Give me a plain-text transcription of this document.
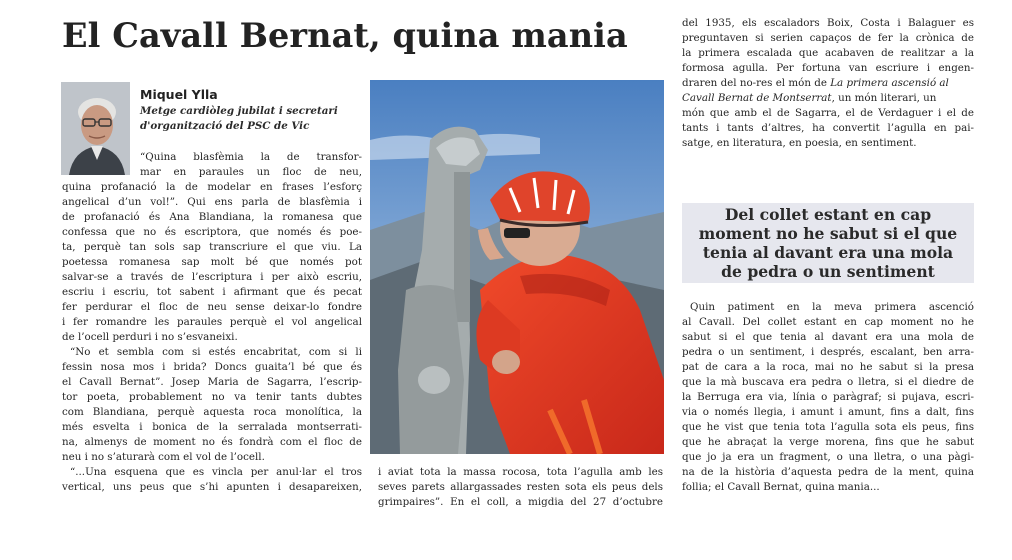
El Cavall Bernat, quina mania
Miquel Ylla
Metge cardiòleg jubilat i secretari
d'organització del PSC de Vic
“Quina blasfèmia la de transfor-
mar en paraules un floc de neu,
quina profanació la de modelar en frases l’esforç
angelical d’un vol!”. Qui ens parla de blasfèmia i
de profanació és Ana Blandiana, la romanesa que
confessa que no és escriptora, que només és poe-
ta, perquè tan sols sap transcriure el que viu. La
poetessa romanesa sap molt bé que només pot
salvar-se a través de l’escriptura i per això escriu,
escriu i escriu, tot sabent i afirmant que és pecat
fer perdurar el floc de neu sense deixar-lo fondre
i fer romandre les paraules perquè el vol angelical
de l’ocell perduri i no s’esvaneixi.
“No et sembla com si estés encabritat, com si li
fessin nosa mos i brida? Doncs guaita’l bé que és
el Cavall Bernat”. Josep Maria de Sagarra, l’escrip-
tor poeta, probablement no va tenir tants dubtes
com Blandiana, perquè aquesta roca monolítica, la
més esvelta i bonica de la serralada montserrati-
na, almenys de moment no és fondrà com el floc de
neu i no s’aturarà com el vol de l’ocell.
“...Una esquena que es vincla per anul·lar el tros
vertical, uns peus que s’hi apunten i desapareixen,
i aviat tota la massa rocosa, tota l’agulla amb les
seves parets allargassades resten sota els peus dels
grimpaires”. En el coll, a migdia del 27 d’octubre
del 1935, els escaladors Boix, Costa i Balaguer es
preguntaven si serien capaços de fer la crònica de
la primera escalada que acabaven de realitzar a la
formosa agulla. Per fortuna van escriure i engen-
draren del no-res el món de La primera ascensió al
Cavall Bernat de Montserrat, un món literari, un
món que amb el de Sagarra, el de Verdaguer i el de
tants i tants d’altres, ha convertit l’agulla en pai-
satge, en literatura, en poesia, en sentiment.
Del collet estant en cap
moment no he sabut si el que
tenia al davant era una mola
de pedra o un sentiment
Quin patiment en la meva primera ascenció
al Cavall. Del collet estant en cap moment no he
sabut si el que tenia al davant era una mola de
pedra o un sentiment, i després, escalant, ben arra-
pat de cara a la roca, mai no he sabut si la presa
que la mà buscava era pedra o lletra, si el diedre de
la Berruga era via, línia o paràgraf; si pujava, escri-
via o només llegia, i amunt i amunt, fins a dalt, fins
que he vist que tenia tota l’agulla sota els peus, fins
que he abraçat la verge morena, fins que he sabut
que jo ja era un fragment, o una lletra, o una pàgi-
na de la història d’aquesta pedra de la ment, quina
follia; el Cavall Bernat, quina mania...
